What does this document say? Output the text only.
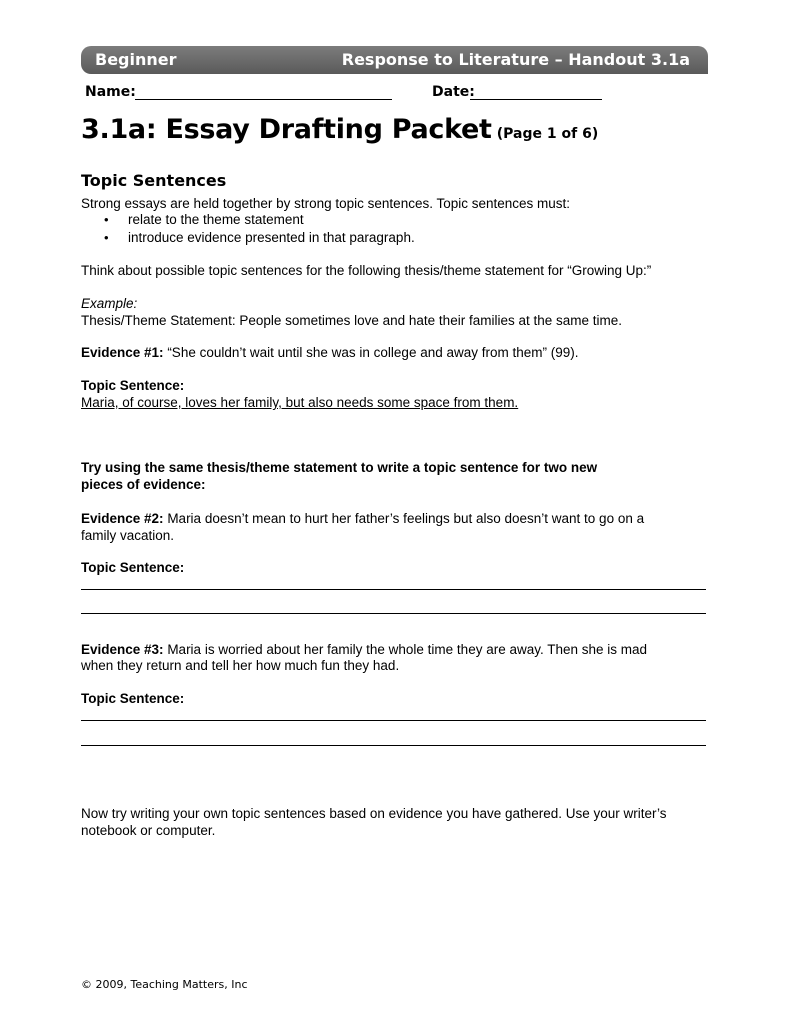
Beginner	Response to Literature – Handout 3.1a
Name:	Date:
3.1a: Essay Drafting Packet (Page 1 of 6)
Topic Sentences
Strong essays are held together by strong topic sentences. Topic sentences must:
• relate to the theme statement
• introduce evidence presented in that paragraph.
Think about possible topic sentences for the following thesis/theme statement for “Growing Up:”
Example:
Thesis/Theme Statement: People sometimes love and hate their families at the same time.
Evidence #1: “She couldn’t wait until she was in college and away from them” (99).
Topic Sentence:
Maria, of course, loves her family, but also needs some space from them.
Try using the same thesis/theme statement to write a topic sentence for two new
pieces of evidence:
Evidence #2: Maria doesn’t mean to hurt her father’s feelings but also doesn’t want to go on a
family vacation.
Topic Sentence:
Evidence #3: Maria is worried about her family the whole time they are away. Then she is mad
when they return and tell her how much fun they had.
Topic Sentence:
Now try writing your own topic sentences based on evidence you have gathered. Use your writer’s
notebook or computer.
© 2009, Teaching Matters, Inc
